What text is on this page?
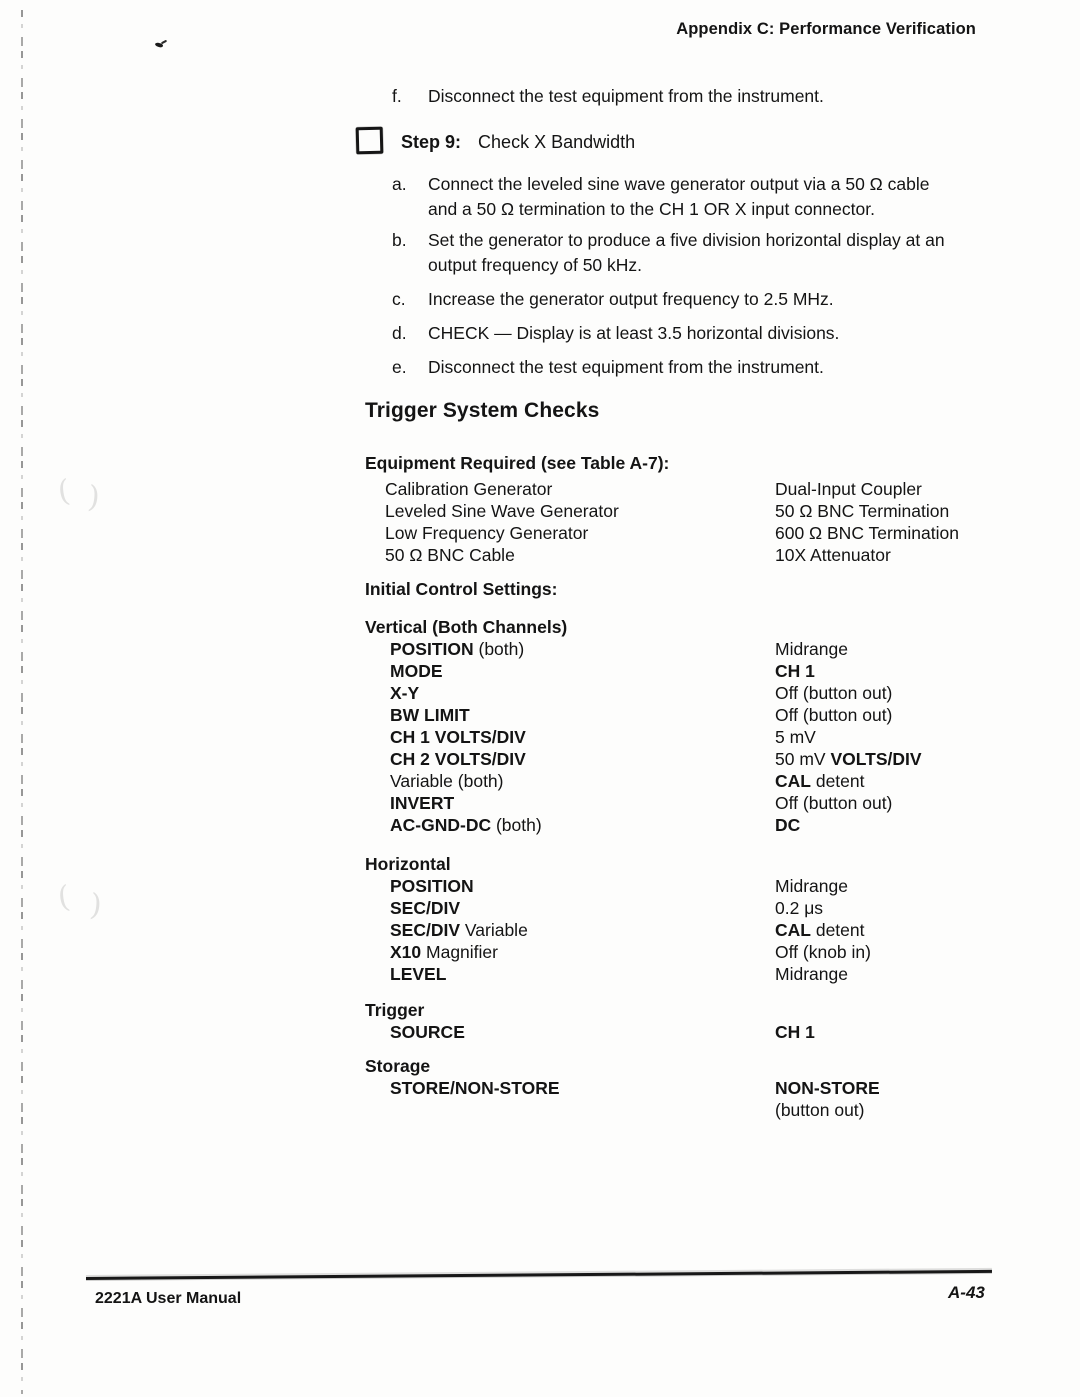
( )
( )
Appendix C: Performance Verification
f. Disconnect the test equipment from the instrument.
Step 9: Check X Bandwidth
a. Connect the leveled sine wave generator output via a 50 Ω cable
and a 50 Ω termination to the CH 1 OR X input connector.
b. Set the generator to produce a five division horizontal display at an
output frequency of 50 kHz.
c. Increase the generator output frequency to 2.5 MHz.
d. CHECK — Display is at least 3.5 horizontal divisions.
e. Disconnect the test equipment from the instrument.
Trigger System Checks
Equipment Required (see Table A-7):
Calibration Generator	Dual-Input Coupler
Leveled Sine Wave Generator	50 Ω BNC Termination
Low Frequency Generator	600 Ω BNC Termination
50 Ω BNC Cable	10X Attenuator
Initial Control Settings:
Vertical (Both Channels)
POSITION (both)	Midrange
MODE	CH 1
X-Y	Off (button out)
BW LIMIT	Off (button out)
CH 1 VOLTS/DIV	5 mV
CH 2 VOLTS/DIV	50 mV VOLTS/DIV
Variable (both)	CAL detent
INVERT	Off (button out)
AC-GND-DC (both)	DC
Horizontal
POSITION	Midrange
SEC/DIV	0.2 μs
SEC/DIV Variable	CAL detent
X10 Magnifier	Off (knob in)
LEVEL	Midrange
Trigger
SOURCE	CH 1
Storage
STORE/NON-STORE	NON-STORE
(button out)
2221A User Manual	A-43
